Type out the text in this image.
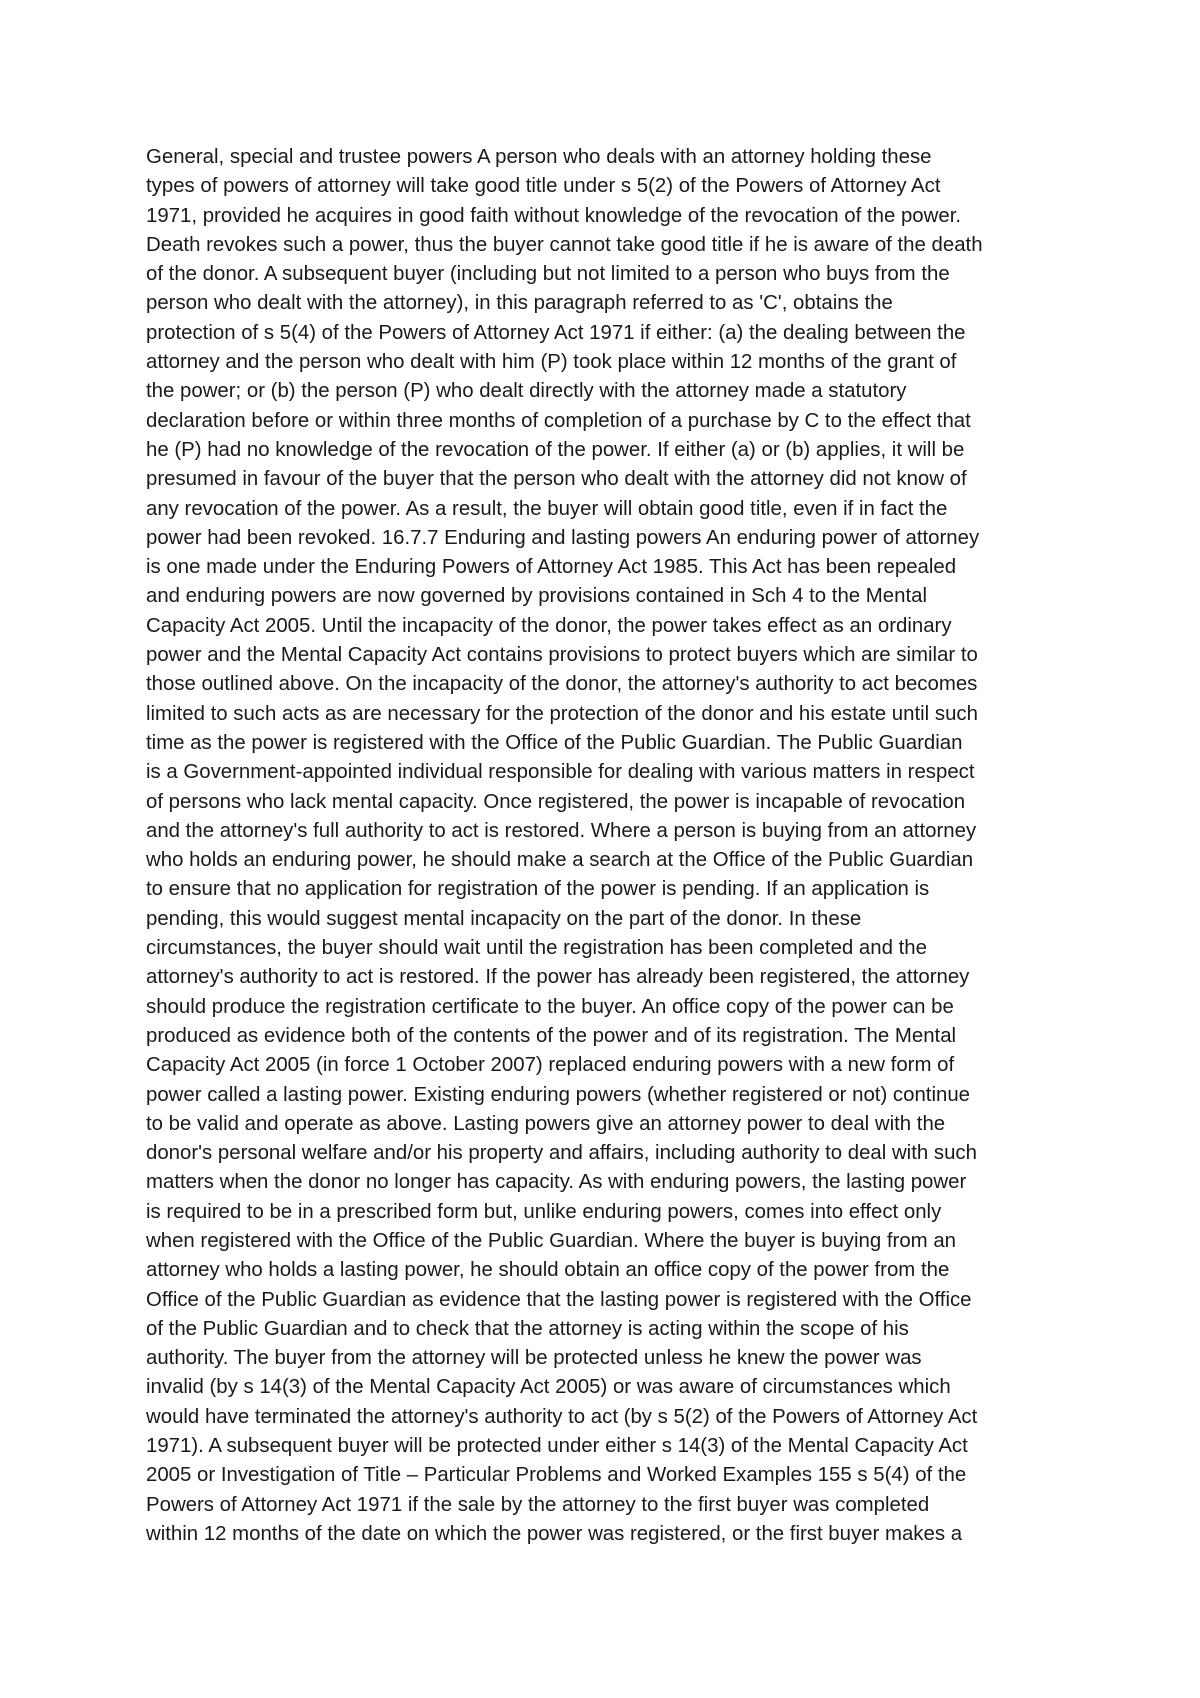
General, special and trustee powers A person who deals with an attorney holding these
types of powers of attorney will take good title under s 5(2) of the Powers of Attorney Act
1971, provided he acquires in good faith without knowledge of the revocation of the power.
Death revokes such a power, thus the buyer cannot take good title if he is aware of the death
of the donor. A subsequent buyer (including but not limited to a person who buys from the
person who dealt with the attorney), in this paragraph referred to as 'C', obtains the
protection of s 5(4) of the Powers of Attorney Act 1971 if either: (a) the dealing between the
attorney and the person who dealt with him (P) took place within 12 months of the grant of
the power; or (b) the person (P) who dealt directly with the attorney made a statutory
declaration before or within three months of completion of a purchase by C to the effect that
he (P) had no knowledge of the revocation of the power. If either (a) or (b) applies, it will be
presumed in favour of the buyer that the person who dealt with the attorney did not know of
any revocation of the power. As a result, the buyer will obtain good title, even if in fact the
power had been revoked. 16.7.7 Enduring and lasting powers An enduring power of attorney
is one made under the Enduring Powers of Attorney Act 1985. This Act has been repealed
and enduring powers are now governed by provisions contained in Sch 4 to the Mental
Capacity Act 2005. Until the incapacity of the donor, the power takes effect as an ordinary
power and the Mental Capacity Act contains provisions to protect buyers which are similar to
those outlined above. On the incapacity of the donor, the attorney's authority to act becomes
limited to such acts as are necessary for the protection of the donor and his estate until such
time as the power is registered with the Office of the Public Guardian. The Public Guardian
is a Government-appointed individual responsible for dealing with various matters in respect
of persons who lack mental capacity. Once registered, the power is incapable of revocation
and the attorney's full authority to act is restored. Where a person is buying from an attorney
who holds an enduring power, he should make a search at the Office of the Public Guardian
to ensure that no application for registration of the power is pending. If an application is
pending, this would suggest mental incapacity on the part of the donor. In these
circumstances, the buyer should wait until the registration has been completed and the
attorney's authority to act is restored. If the power has already been registered, the attorney
should produce the registration certificate to the buyer. An office copy of the power can be
produced as evidence both of the contents of the power and of its registration. The Mental
Capacity Act 2005 (in force 1 October 2007) replaced enduring powers with a new form of
power called a lasting power. Existing enduring powers (whether registered or not) continue
to be valid and operate as above. Lasting powers give an attorney power to deal with the
donor's personal welfare and/or his property and affairs, including authority to deal with such
matters when the donor no longer has capacity. As with enduring powers, the lasting power
is required to be in a prescribed form but, unlike enduring powers, comes into effect only
when registered with the Office of the Public Guardian. Where the buyer is buying from an
attorney who holds a lasting power, he should obtain an office copy of the power from the
Office of the Public Guardian as evidence that the lasting power is registered with the Office
of the Public Guardian and to check that the attorney is acting within the scope of his
authority. The buyer from the attorney will be protected unless he knew the power was
invalid (by s 14(3) of the Mental Capacity Act 2005) or was aware of circumstances which
would have terminated the attorney's authority to act (by s 5(2) of the Powers of Attorney Act
1971). A subsequent buyer will be protected under either s 14(3) of the Mental Capacity Act
2005 or Investigation of Title – Particular Problems and Worked Examples 155 s 5(4) of the
Powers of Attorney Act 1971 if the sale by the attorney to the first buyer was completed
within 12 months of the date on which the power was registered, or the first buyer makes a
